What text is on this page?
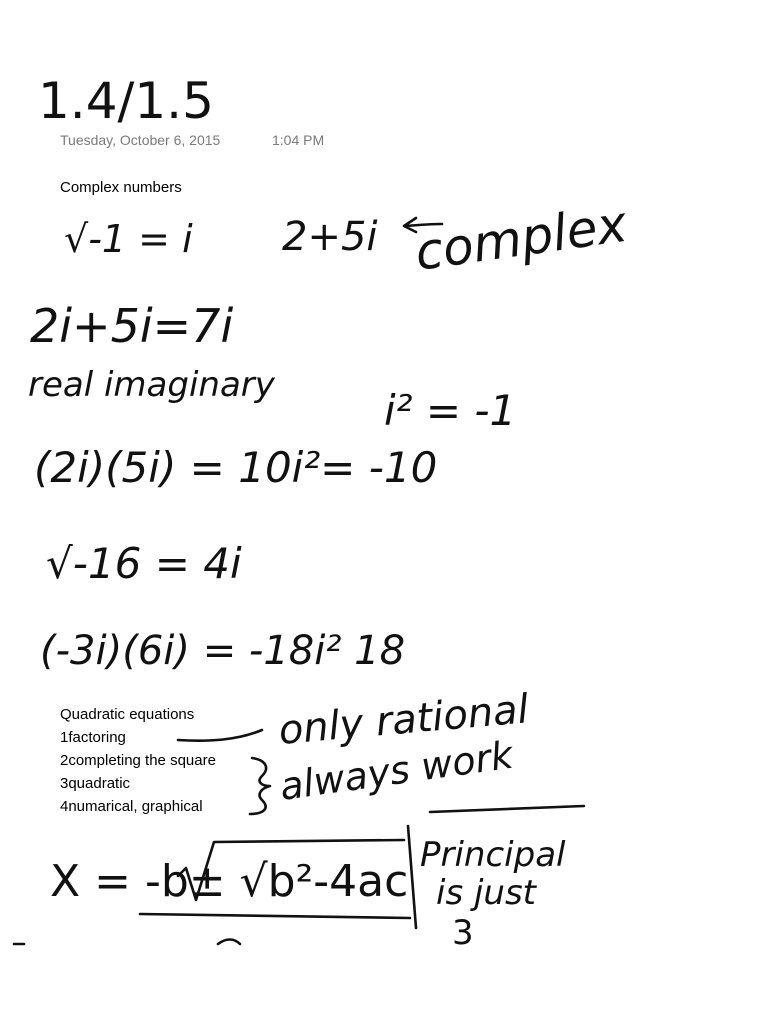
Tuesday, October 6, 2015	1:04 PM
Complex numbers
Quadratic equations
1factoring
2completing the square
3quadratic
4numarical, graphical
1.4/1.5
√-1 = i 2+5i complex
2i+5i=7i
real imaginary
i² = -1
(2i)(5i) = 10i²= -10
√-16 = 4i
(-3i)(6i) = -18i² 18
only rational
always work
X = -b± √b²-4ac
Principal
is just
3
